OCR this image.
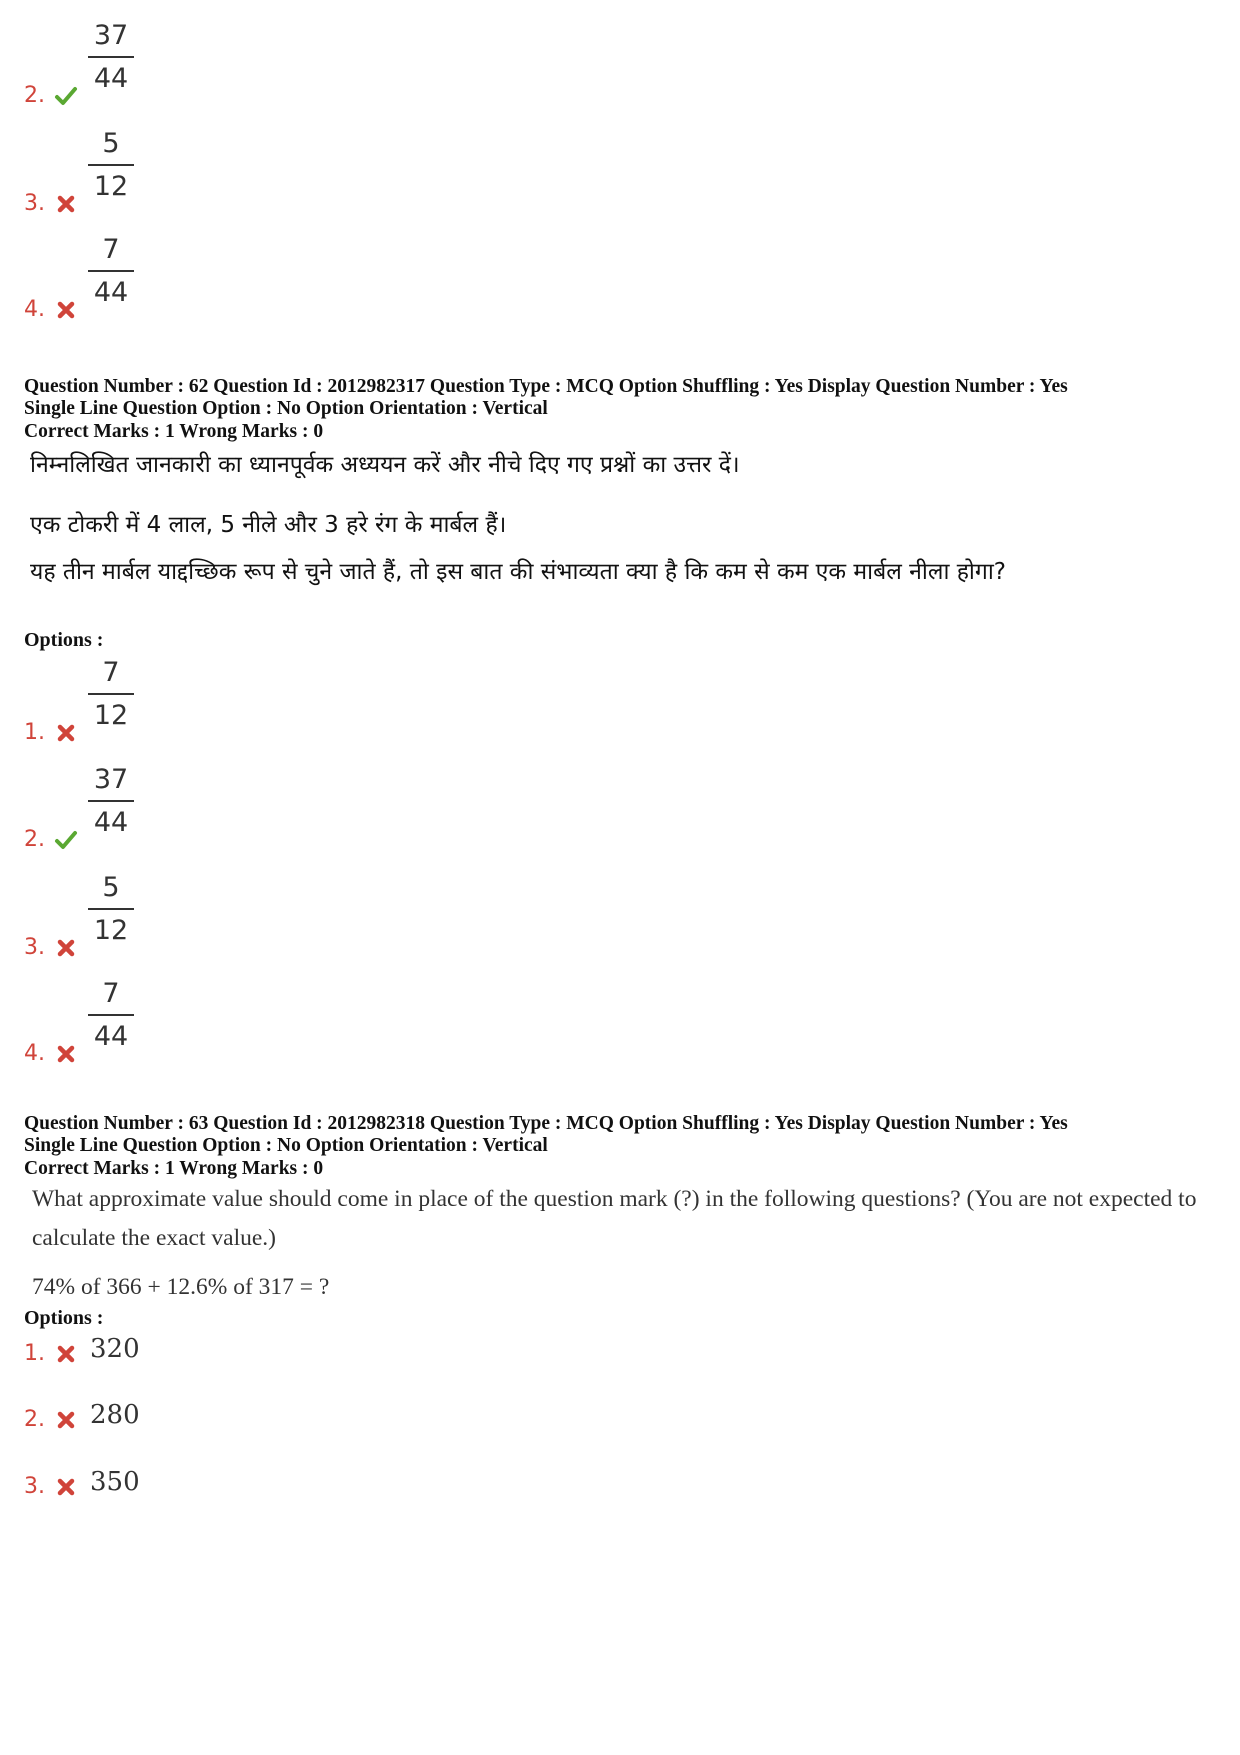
2.
37
44
3.
5
12
4.
7
44
Question Number : 62 Question Id : 2012982317 Question Type : MCQ Option Shuffling : Yes Display Question Number : Yes
Single Line Question Option : No Option Orientation : Vertical
Correct Marks : 1 Wrong Marks : 0
निम्नलिखित जानकारी का ध्यानपूर्वक अध्ययन करें और नीचे दिए गए प्रश्नों का उत्तर दें।
एक टोकरी में 4 लाल, 5 नीले और 3 हरे रंग के मार्बल हैं।
यह तीन मार्बल याद्दच्छिक रूप से चुने जाते हैं, तो इस बात की संभाव्यता क्या है कि कम से कम एक मार्बल नीला होगा?
Options :
1.
7
12
2.
37
44
3.
5
12
4.
7
44
Question Number : 63 Question Id : 2012982318 Question Type : MCQ Option Shuffling : Yes Display Question Number : Yes
Single Line Question Option : No Option Orientation : Vertical
Correct Marks : 1 Wrong Marks : 0
What approximate value should come in place of the question mark (?) in the following questions? (You are not expected to calculate the exact value.)
74% of 366 + 12.6% of 317 = ?
Options :
1. 320
2. 280
3. 350
